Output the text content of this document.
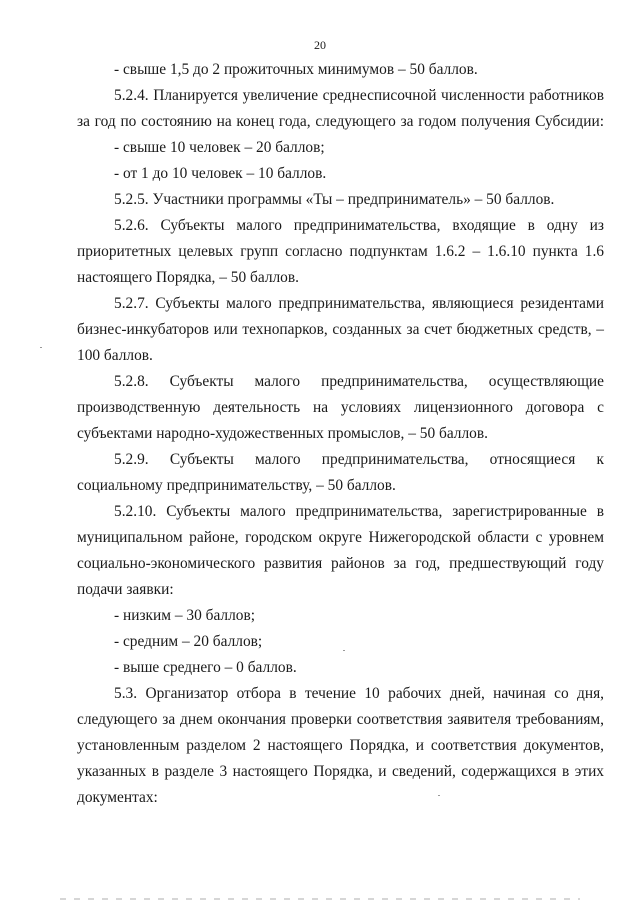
20
- свыше 1,5 до 2 прожиточных минимумов – 50 баллов.
5.2.4. Планируется увеличение среднесписочной численности работников
за год по состоянию на конец года, следующего за годом получения Субсидии:
- свыше 10 человек – 20 баллов;
- от 1 до 10 человек – 10 баллов.
5.2.5. Участники программы «Ты – предприниматель» – 50 баллов.
5.2.6. Субъекты малого предпринимательства, входящие в одну из
приоритетных целевых групп согласно подпунктам 1.6.2 – 1.6.10 пункта 1.6
настоящего Порядка, – 50 баллов.
5.2.7. Субъекты малого предпринимательства, являющиеся резидентами
бизнес-инкубаторов или технопарков, созданных за счет бюджетных средств, –
100 баллов.
5.2.8. Субъекты малого предпринимательства, осуществляющие
производственную деятельность на условиях лицензионного договора с
субъектами народно-художественных промыслов, – 50 баллов.
5.2.9. Субъекты малого предпринимательства, относящиеся к
социальному предпринимательству, – 50 баллов.
5.2.10. Субъекты малого предпринимательства, зарегистрированные в
муниципальном районе, городском округе Нижегородской области с уровнем
социально-экономического развития районов за год, предшествующий году
подачи заявки:
- низким – 30 баллов;
- средним – 20 баллов;
- выше среднего – 0 баллов.
5.3. Организатор отбора в течение 10 рабочих дней, начиная со дня,
следующего за днем окончания проверки соответствия заявителя требованиям,
установленным разделом 2 настоящего Порядка, и соответствия документов,
указанных в разделе 3 настоящего Порядка, и сведений, содержащихся в этих
документах:
